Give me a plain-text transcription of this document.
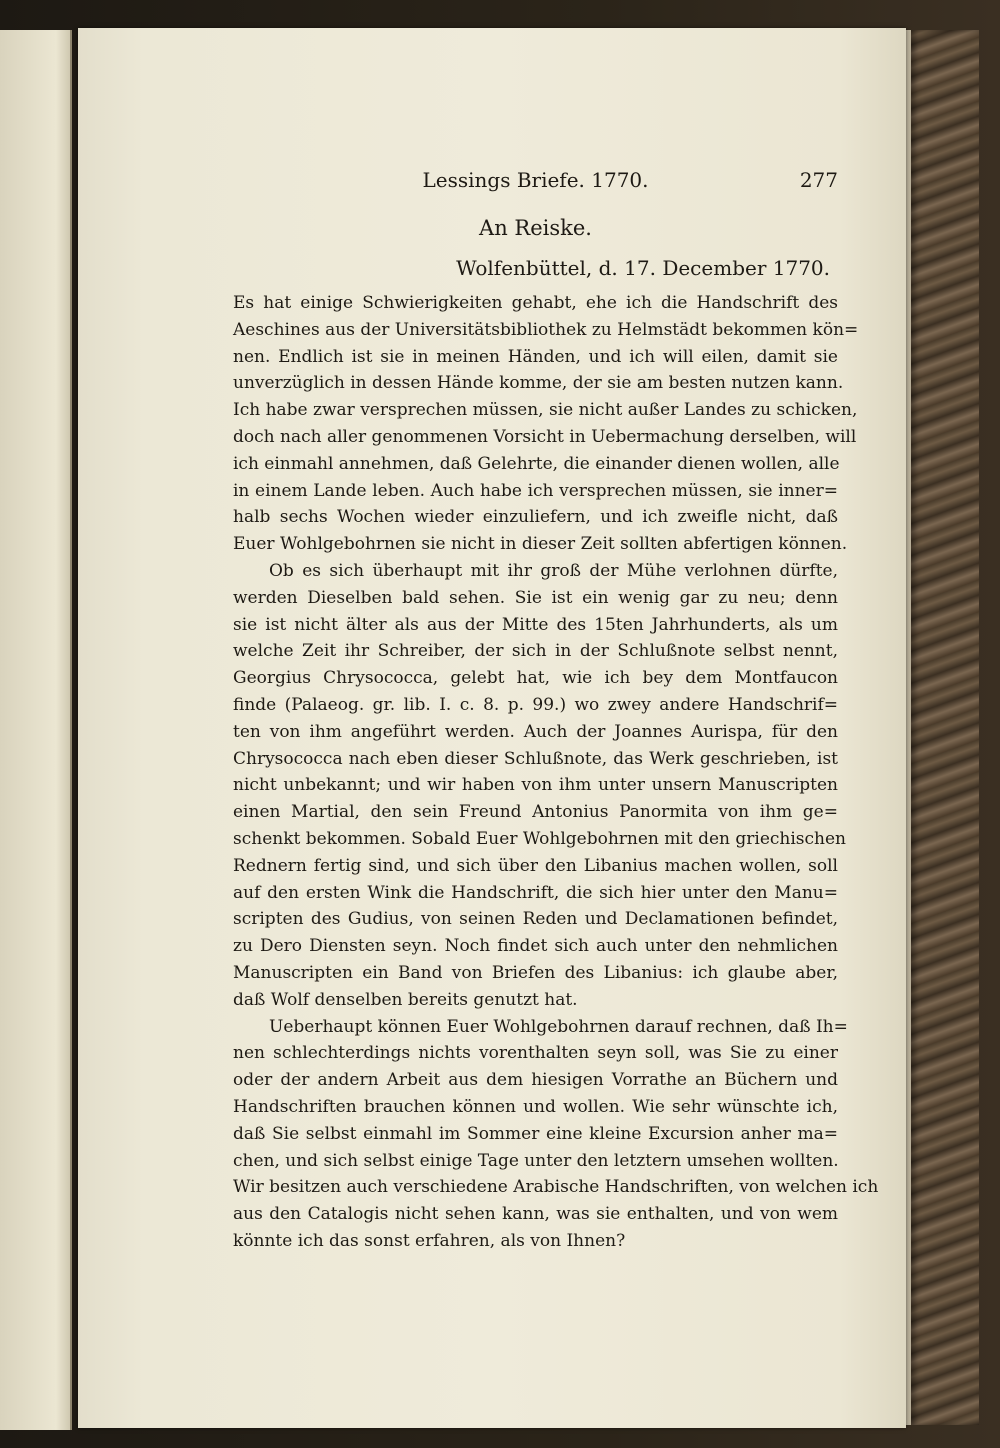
Lessings Briefe. 1770.	277
An Reiske.
Wolfenbüttel, d. 17. December 1770.
Es hat einige Schwierigkeiten gehabt, ehe ich die Handschrift des
Aeschines aus der Universitätsbibliothek zu Helmstädt bekommen kön=
nen. Endlich ist sie in meinen Händen, und ich will eilen, damit sie
unverzüglich in dessen Hände komme, der sie am besten nutzen kann.
Ich habe zwar versprechen müssen, sie nicht außer Landes zu schicken,
doch nach aller genommenen Vorsicht in Uebermachung derselben, will
ich einmahl annehmen, daß Gelehrte, die einander dienen wollen, alle
in einem Lande leben. Auch habe ich versprechen müssen, sie inner=
halb sechs Wochen wieder einzuliefern, und ich zweifle nicht, daß
Euer Wohlgebohrnen sie nicht in dieser Zeit sollten abfertigen können.
Ob es sich überhaupt mit ihr groß der Mühe verlohnen dürfte,
werden Dieselben bald sehen. Sie ist ein wenig gar zu neu; denn
sie ist nicht älter als aus der Mitte des 15ten Jahrhunderts, als um
welche Zeit ihr Schreiber, der sich in der Schlußnote selbst nennt,
Georgius Chrysococca, gelebt hat, wie ich bey dem Montfaucon
finde (Palaeog. gr. lib. I. c. 8. p. 99.) wo zwey andere Handschrif=
ten von ihm angeführt werden. Auch der Joannes Aurispa, für den
Chrysococca nach eben dieser Schlußnote, das Werk geschrieben, ist
nicht unbekannt; und wir haben von ihm unter unsern Manuscripten
einen Martial, den sein Freund Antonius Panormita von ihm ge=
schenkt bekommen. Sobald Euer Wohlgebohrnen mit den griechischen
Rednern fertig sind, und sich über den Libanius machen wollen, soll
auf den ersten Wink die Handschrift, die sich hier unter den Manu=
scripten des Gudius, von seinen Reden und Declamationen befindet,
zu Dero Diensten seyn. Noch findet sich auch unter den nehmlichen
Manuscripten ein Band von Briefen des Libanius: ich glaube aber,
daß Wolf denselben bereits genutzt hat.
Ueberhaupt können Euer Wohlgebohrnen darauf rechnen, daß Ih=
nen schlechterdings nichts vorenthalten seyn soll, was Sie zu einer
oder der andern Arbeit aus dem hiesigen Vorrathe an Büchern und
Handschriften brauchen können und wollen. Wie sehr wünschte ich,
daß Sie selbst einmahl im Sommer eine kleine Excursion anher ma=
chen, und sich selbst einige Tage unter den letztern umsehen wollten.
Wir besitzen auch verschiedene Arabische Handschriften, von welchen ich
aus den Catalogis nicht sehen kann, was sie enthalten, und von wem
könnte ich das sonst erfahren, als von Ihnen?
